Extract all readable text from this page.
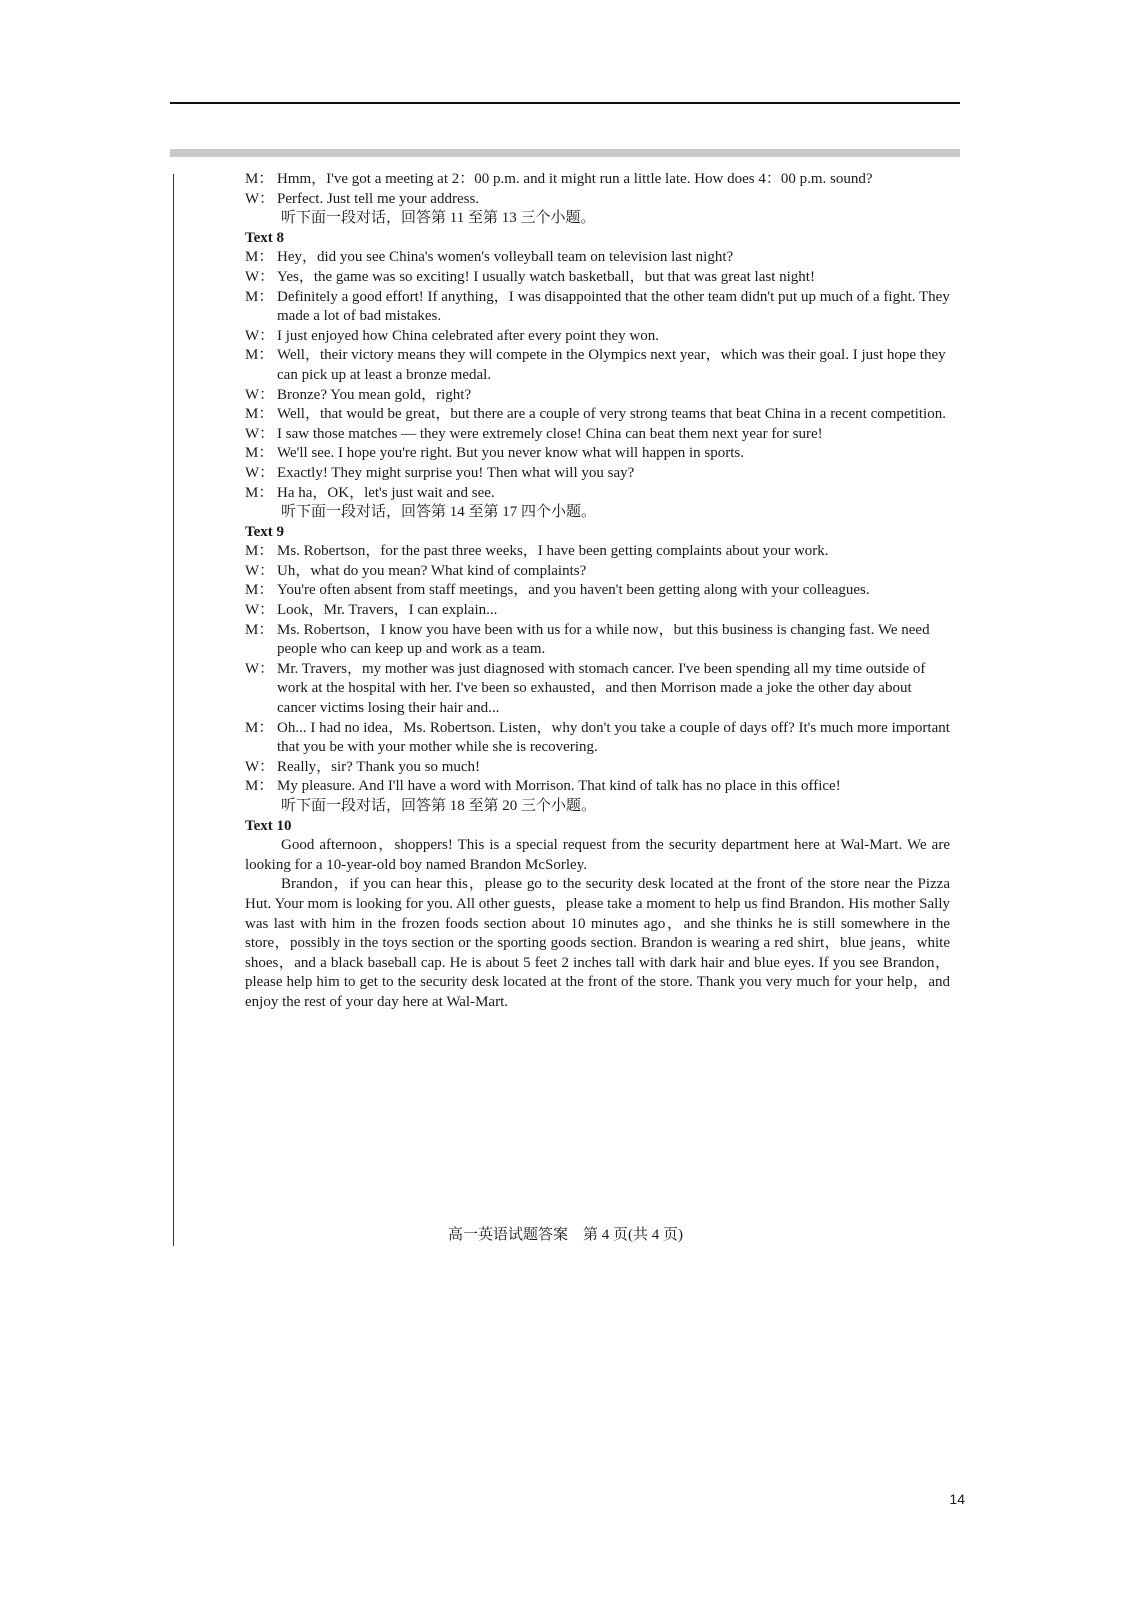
M： Hmm，I've got a meeting at 2：00 p.m. and it might run a little late. How does 4：00 p.m. sound?
W： Perfect. Just tell me your address.
听下面一段对话，回答第 11 至第 13 三个小题。
Text 8
M： Hey，did you see China's women's volleyball team on television last night?
W： Yes，the game was so exciting! I usually watch basketball，but that was great last night!
M： Definitely a good effort! If anything，I was disappointed that the other team didn't put up much of a fight. They made a lot of bad mistakes.
W： I just enjoyed how China celebrated after every point they won.
M： Well，their victory means they will compete in the Olympics next year，which was their goal. I just hope they can pick up at least a bronze medal.
W： Bronze? You mean gold，right?
M： Well，that would be great，but there are a couple of very strong teams that beat China in a recent competition.
W： I saw those matches — they were extremely close! China can beat them next year for sure!
M： We'll see. I hope you're right. But you never know what will happen in sports.
W： Exactly! They might surprise you! Then what will you say?
M： Ha ha，OK，let's just wait and see.
听下面一段对话，回答第 14 至第 17 四个小题。
Text 9
M： Ms. Robertson，for the past three weeks，I have been getting complaints about your work.
W： Uh，what do you mean? What kind of complaints?
M： You're often absent from staff meetings，and you haven't been getting along with your colleagues.
W： Look，Mr. Travers，I can explain...
M： Ms. Robertson，I know you have been with us for a while now，but this business is changing fast. We need people who can keep up and work as a team.
W： Mr. Travers，my mother was just diagnosed with stomach cancer. I've been spending all my time outside of work at the hospital with her. I've been so exhausted，and then Morrison made a joke the other day about cancer victims losing their hair and...
M： Oh... I had no idea，Ms. Robertson. Listen，why don't you take a couple of days off? It's much more important that you be with your mother while she is recovering.
W： Really，sir? Thank you so much!
M： My pleasure. And I'll have a word with Morrison. That kind of talk has no place in this office!
听下面一段对话，回答第 18 至第 20 三个小题。
Text 10
Good afternoon，shoppers! This is a special request from the security department here at Wal-Mart. We are looking for a 10-year-old boy named Brandon McSorley.
Brandon，if you can hear this，please go to the security desk located at the front of the store near the Pizza Hut. Your mom is looking for you. All other guests，please take a moment to help us find Brandon. His mother Sally was last with him in the frozen foods section about 10 minutes ago，and she thinks he is still somewhere in the store，possibly in the toys section or the sporting goods section. Brandon is wearing a red shirt，blue jeans，white shoes，and a black baseball cap. He is about 5 feet 2 inches tall with dark hair and blue eyes. If you see Brandon，please help him to get to the security desk located at the front of the store. Thank you very much for your help，and enjoy the rest of your day here at Wal-Mart.
高一英语试题答案　第 4 页(共 4 页)
14
